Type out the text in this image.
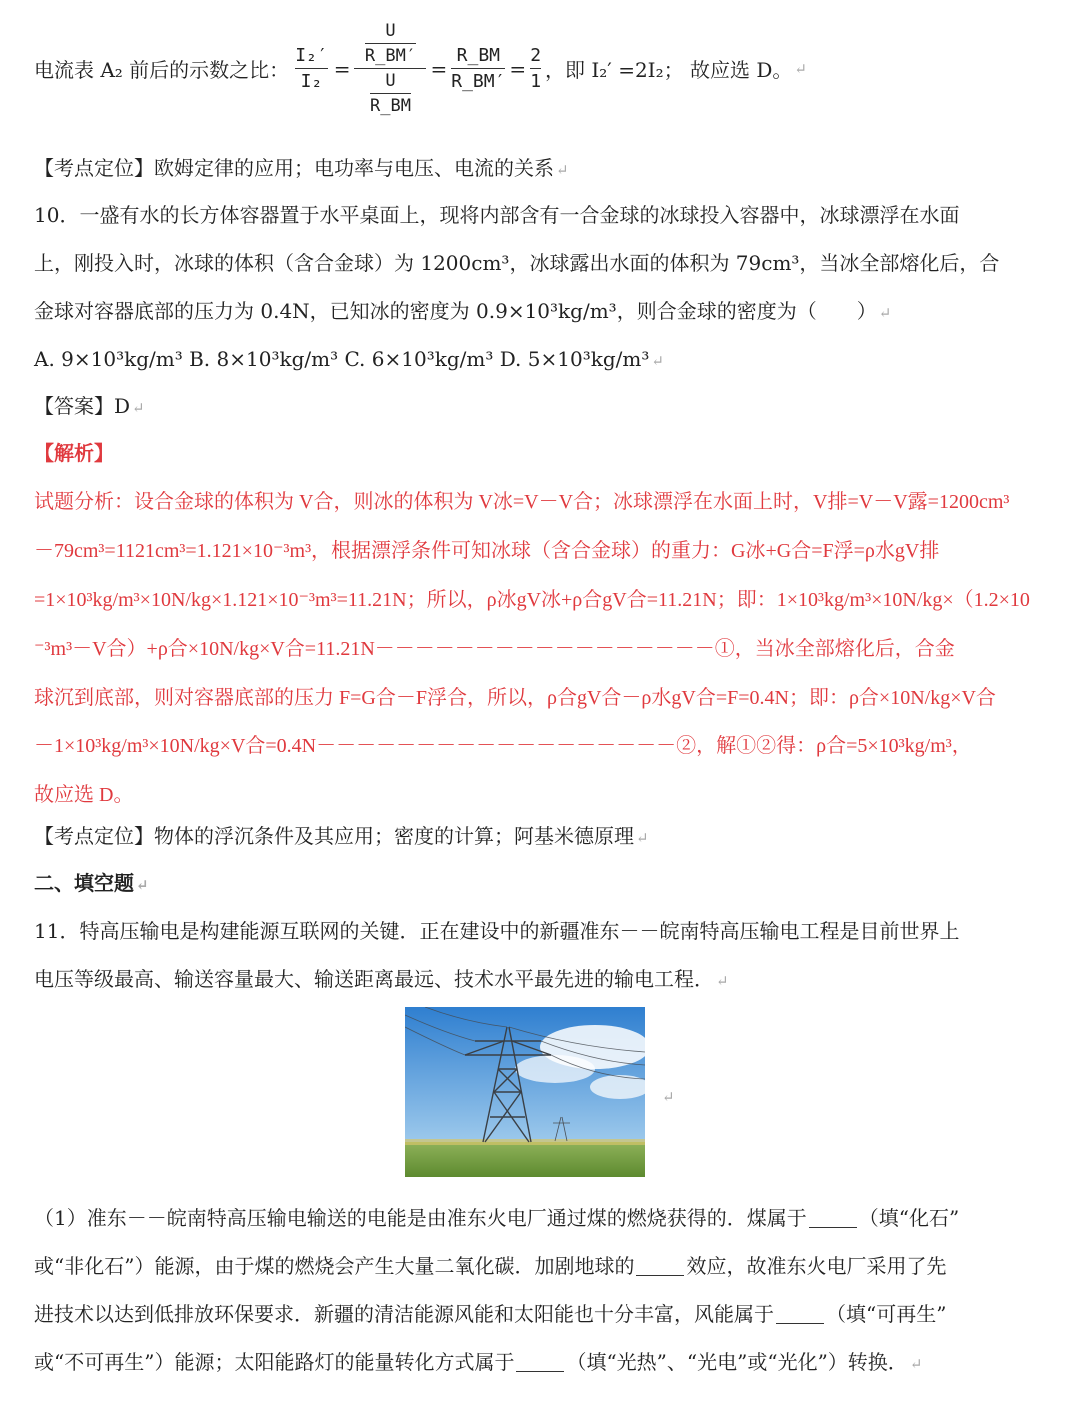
电流表 A₂ 前后的示数之比： $\frac{\text{I₂′}}{\text{I₂}} = \frac{\frac{U}{R\_BM'}}{\frac{U}{R\_BM}} = \frac{R\_BM}{R\_BM'} = \frac{2}{1}$ ，即 I₂′ =2I₂； 故应选 D。 ↵
【考点定位】欧姆定律的应用；电功率与电压、电流的关系 ↵
10．一盛有水的长方体容器置于水平桌面上，现将内部含有一合金球的冰球投入容器中，冰球漂浮在水面
上，刚投入时，冰球的体积（含合金球）为 1200cm³，冰球露出水面的体积为 79cm³，当冰全部熔化后，合
金球对容器底部的压力为 0.4N，已知冰的密度为 0.9×10³kg/m³，则合金球的密度为（　　） ↵
A. 9×10³kg/m³ B. 8×10³kg/m³ C. 6×10³kg/m³ D. 5×10³kg/m³ ↵
【答案】D ↵
【解析】
试题分析：设合金球的体积为 V合，则冰的体积为 V冰=V－V合；冰球漂浮在水面上时，V排=V－V露=1200cm³
－79cm³=1121cm³=1.121×10⁻³m³，根据漂浮条件可知冰球（含合金球）的重力：G冰+G合=F浮=ρ水gV排
=1×10³kg/m³×10N/kg×1.121×10⁻³m³=11.21N；所以，ρ冰gV冰+ρ合gV合=11.21N；即：1×10³kg/m³×10N/kg×（1.2×10
⁻³m³－V合）+ρ合×10N/kg×V合=11.21N－－－－－－－－－－－－－－－－－①，当冰全部熔化后，合金
球沉到底部，则对容器底部的压力 F=G合－F浮合，所以，ρ合gV合－ρ水gV合=F=0.4N；即：ρ合×10N/kg×V合
－1×10³kg/m³×10N/kg×V合=0.4N－－－－－－－－－－－－－－－－－－②，解①②得：ρ合=5×10³kg/m³，
故应选 D。
【考点定位】物体的浮沉条件及其应用；密度的计算；阿基米德原理 ↵
二、填空题 ↵
11．特高压输电是构建能源互联网的关键．正在建设中的新疆准东－－皖南特高压输电工程是目前世界上
电压等级最高、输送容量最大、输送距离最远、技术水平最先进的输电工程． ↵
↵
（1）准东－－皖南特高压输电输送的电能是由准东火电厂通过煤的燃烧获得的．煤属于	（填“化石”
或“非化石”）能源，由于煤的燃烧会产生大量二氧化碳．加剧地球的	效应，故准东火电厂采用了先
进技术以达到低排放环保要求．新疆的清洁能源风能和太阳能也十分丰富，风能属于	（填“可再生”
或“不可再生”）能源；太阳能路灯的能量转化方式属于	（填“光热”、“光电”或“光化”）转换． ↵
